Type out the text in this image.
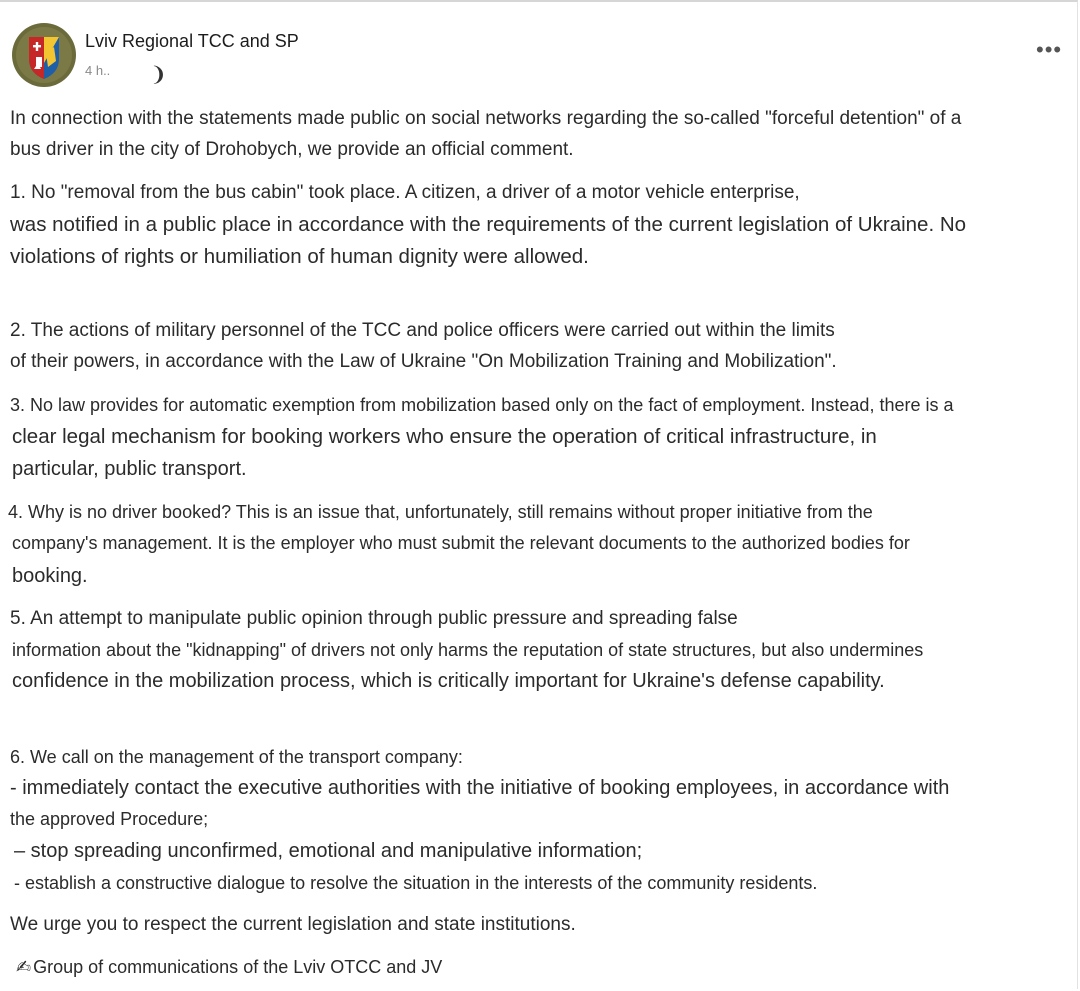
Lviv Regional TCC and SP
4 h.. ❩
•••
In connection with the statements made public on social networks regarding the so-called "forceful detention" of a
bus driver in the city of Drohobych, we provide an official comment.
1. No "removal from the bus cabin" took place. A citizen, a driver of a motor vehicle enterprise,
was notified in a public place in accordance with the requirements of the current legislation of Ukraine. No
violations of rights or humiliation of human dignity were allowed.
2. The actions of military personnel of the TCC and police officers were carried out within the limits
of their powers, in accordance with the Law of Ukraine "On Mobilization Training and Mobilization".
3. No law provides for automatic exemption from mobilization based only on the fact of employment. Instead, there is a
clear legal mechanism for booking workers who ensure the operation of critical infrastructure, in
particular, public transport.
4. Why is no driver booked? This is an issue that, unfortunately, still remains without proper initiative from the
company's management. It is the employer who must submit the relevant documents to the authorized bodies for
booking.
5. An attempt to manipulate public opinion through public pressure and spreading false
information about the "kidnapping" of drivers not only harms the reputation of state structures, but also undermines
confidence in the mobilization process, which is critically important for Ukraine's defense capability.
6. We call on the management of the transport company:
- immediately contact the executive authorities with the initiative of booking employees, in accordance with
the approved Procedure;
– stop spreading unconfirmed, emotional and manipulative information;
- establish a constructive dialogue to resolve the situation in the interests of the community residents.
We urge you to respect the current legislation and state institutions.
✍ Group of communications of the Lviv OTCC and JV
